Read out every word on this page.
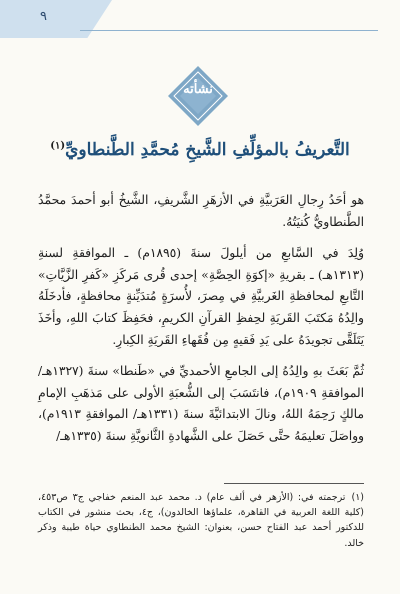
٩
نشأته
التَّعريفُ بالمؤلِّفِ الشَّيخِ مُحمَّدِ الطَّنطاويِّ$^{(١)}$

هو أحَدُ رِجالِ العَرَبيَّةِ في الأزهَرِ الشَّريفِ، الشَّيخُ أبو أحمدَ محمَّدُ الطَّنطاويُّ كُنيَتُهُ.

وُلِدَ في السَّابعِ من أيلولَ سنةَ (١٨٩٥م) ـ الموافقةِ لسنةِ (١٣١٣هـ) ـ بقريةِ «إكوَةِ الحِصَّةِ» إحدى قُرى مَركَزِ «كَفرِ الزَّيَّاتِ» التَّابعِ لمحافظةِ الغَربيَّةِ في مِصرَ، لأُسرَةٍ مُتدَيِّنةٍ محافظةٍ، فأدخَلَهُ والِدُهُ مَكتَبَ القَريَةِ لحِفظِ القرآنِ الكريمِ، فحَفِظَ كتابَ اللهِ، وأخَذَ يَتَلَقَّى تجويدَهُ على يَدِ فَقيهٍ مِن فُقَهاءِ القَريَةِ الكِبارِ.

ثُمَّ بَعَثَ بهِ والِدُهُ إلى الجامعِ الأحمديِّ في «طَنطا» سنةَ (١٣٢٧هـ/ الموافقةِ ١٩٠٩م)، فانتَسَبَ إلى الشُّعبَةِ الأولى على مَذهَبِ الإمامِ مالكٍ رَحِمَهُ اللهُ، ونالَ الابتدائيَّةَ سنةَ (١٣٣١هـ/ الموافقةِ ١٩١٣م)، وواصَلَ تعليمَهُ حتَّى حَصَلَ على الشَّهادةِ الثَّانويَّةِ سنةَ (١٣٣٥هـ/

(١)ترجمته في: (الأزهر في ألف عام) د. محمد عبد المنعم خفاجي ج٣ ص٤٥٣، (كلية اللغة العربية في القاهرة، علماؤها الخالدون)، ج٤، بحث منشور في الكتاب للدكتور أحمد عبد الفتاح حسن، بعنوان: الشيخ محمد الطنطاوي حياة طيبة وذكر خالد.
